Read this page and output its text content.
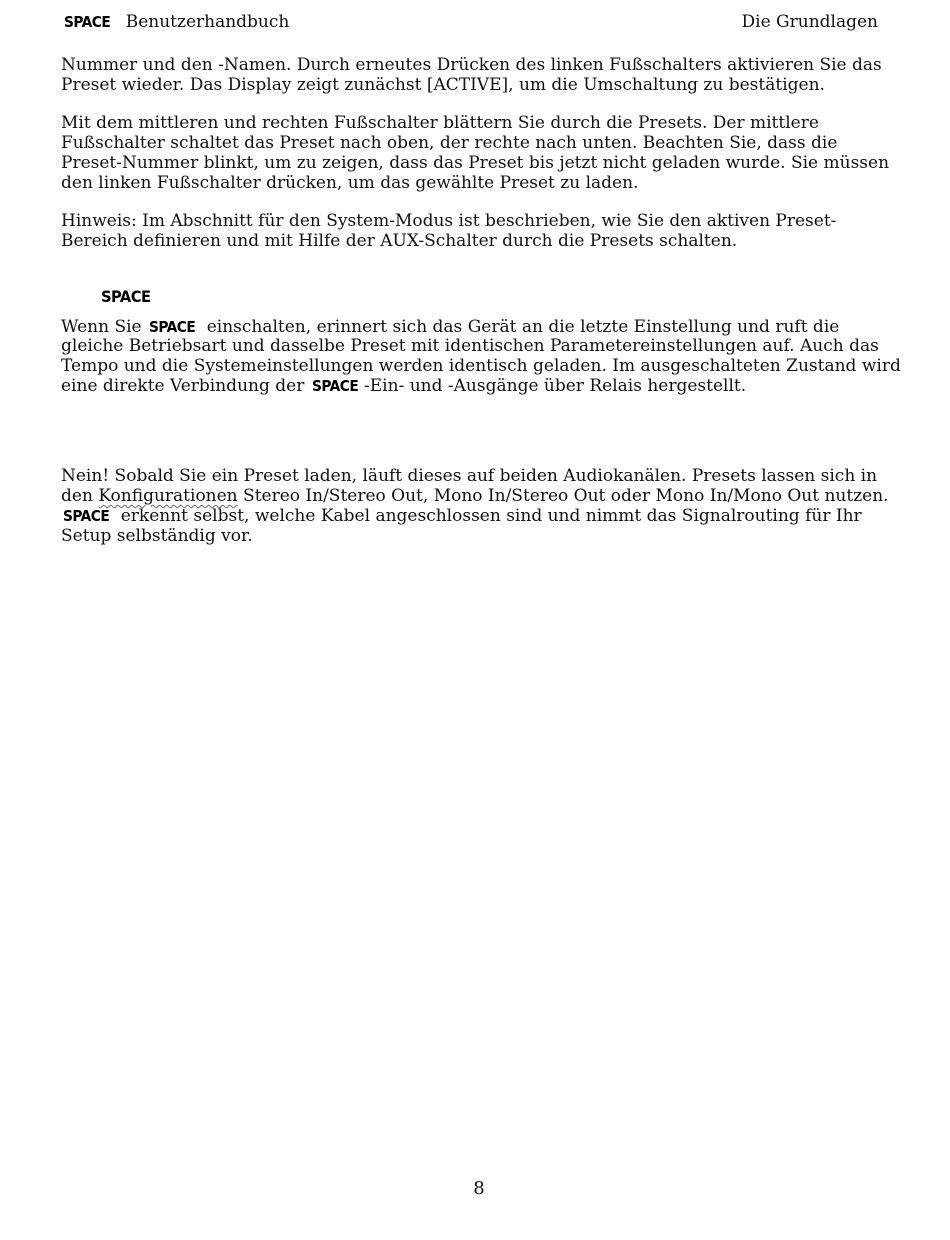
SPACE Benutzerhandbuch	Die Grundlagen

Nummer und den -Namen. Durch erneutes Drücken des linken Fußschalters aktivieren Sie das Preset wieder. Das Display zeigt zunächst [ACTIVE], um die Umschaltung zu bestätigen.

Mit dem mittleren und rechten Fußschalter blättern Sie durch die Presets. Der mittlere Fußschalter schaltet das Preset nach oben, der rechte nach unten. Beachten Sie, dass die Preset-Nummer blinkt, um zu zeigen, dass das Preset bis jetzt nicht geladen wurde. Sie müssen den linken Fußschalter drücken, um das gewählte Preset zu laden.

Hinweis: Im Abschnitt für den System-Modus ist beschrieben, wie Sie den aktiven Preset-Bereich definieren und mit Hilfe der AUX-Schalter durch die Presets schalten.

SPACE

Wenn Sie SPACE einschalten, erinnert sich das Gerät an die letzte Einstellung und ruft die gleiche Betriebsart und dasselbe Preset mit identischen Parametereinstellungen auf. Auch das Tempo und die Systemeinstellungen werden identisch geladen. Im ausgeschalteten Zustand wird eine direkte Verbindung der SPACE -Ein- und -Ausgänge über Relais hergestellt.

Nein! Sobald Sie ein Preset laden, läuft dieses auf beiden Audiokanälen. Presets lassen sich in den Konfigurationen Stereo In/Stereo Out, Mono In/Stereo Out oder Mono In/Mono Out nutzen. SPACE erkennt selbst, welche Kabel angeschlossen sind und nimmt das Signalrouting für Ihr Setup selbständig vor.

8
